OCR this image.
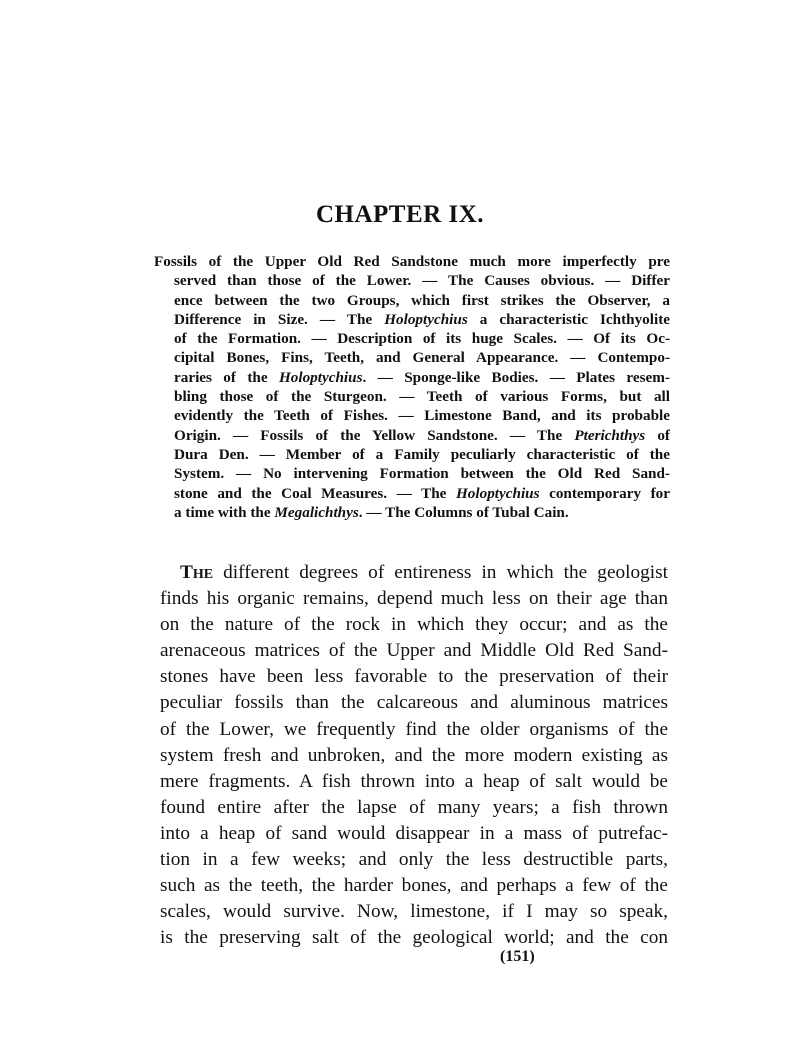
CHAPTER IX.

Fossils of the Upper Old Red Sandstone much more imperfectly pre
served than those of the Lower. — The Causes obvious. — Differ
ence between the two Groups, which first strikes the Observer, a
Difference in Size. — The Holoptychius a characteristic Ichthyolite
of the Formation. — Description of its huge Scales. — Of its Oc-
cipital Bones, Fins, Teeth, and General Appearance. — Contempo-
raries of the Holoptychius. — Sponge-like Bodies. — Plates resem-
bling those of the Sturgeon. — Teeth of various Forms, but all
evidently the Teeth of Fishes. — Limestone Band, and its probable
Origin. — Fossils of the Yellow Sandstone. — The Pterichthys of
Dura Den. — Member of a Family peculiarly characteristic of the
System. — No intervening Formation between the Old Red Sand-
stone and the Coal Measures. — The Holoptychius contemporary for
a time with the Megalichthys. — The Columns of Tubal Cain.

The different degrees of entireness in which the geologist
finds his organic remains, depend much less on their age than
on the nature of the rock in which they occur; and as the
arenaceous matrices of the Upper and Middle Old Red Sand-
stones have been less favorable to the preservation of their
peculiar fossils than the calcareous and aluminous matrices
of the Lower, we frequently find the older organisms of the
system fresh and unbroken, and the more modern existing as
mere fragments. A fish thrown into a heap of salt would be
found entire after the lapse of many years; a fish thrown
into a heap of sand would disappear in a mass of putrefac-
tion in a few weeks; and only the less destructible parts,
such as the teeth, the harder bones, and perhaps a few of the
scales, would survive. Now, limestone, if I may so speak,
is the preserving salt of the geological world; and the con

(151)
